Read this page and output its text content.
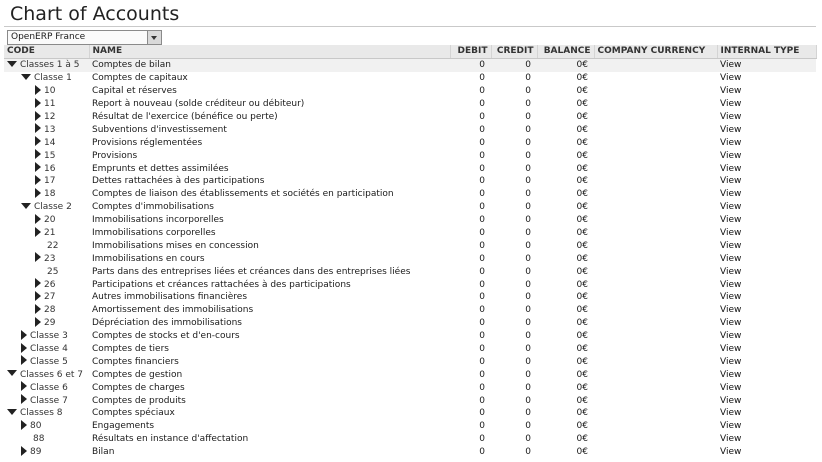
Chart of Accounts
OpenERP France
CODE	NAME	DEBIT	CREDIT	BALANCE	COMPANY CURRENCY	INTERNAL TYPE
Classes 1 à 5	Comptes de bilan	0	0	0€		View
Classe 1	Comptes de capitaux	0	0	0€		View
10	Capital et réserves	0	0	0€		View
11	Report à nouveau (solde créditeur ou débiteur)	0	0	0€		View
12	Résultat de l'exercice (bénéfice ou perte)	0	0	0€		View
13	Subventions d'investissement	0	0	0€		View
14	Provisions réglementées	0	0	0€		View
15	Provisions	0	0	0€		View
16	Emprunts et dettes assimilées	0	0	0€		View
17	Dettes rattachées à des participations	0	0	0€		View
18	Comptes de liaison des établissements et sociétés en participation	0	0	0€		View
Classe 2	Comptes d'immobilisations	0	0	0€		View
20	Immobilisations incorporelles	0	0	0€		View
21	Immobilisations corporelles	0	0	0€		View
22	Immobilisations mises en concession	0	0	0€		View
23	Immobilisations en cours	0	0	0€		View
25	Parts dans des entreprises liées et créances dans des entreprises liées	0	0	0€		View
26	Participations et créances rattachées à des participations	0	0	0€		View
27	Autres immobilisations financières	0	0	0€		View
28	Amortissement des immobilisations	0	0	0€		View
29	Dépréciation des immobilisations	0	0	0€		View
Classe 3	Comptes de stocks et d'en-cours	0	0	0€		View
Classe 4	Comptes de tiers	0	0	0€		View
Classe 5	Comptes financiers	0	0	0€		View
Classes 6 et 7	Comptes de gestion	0	0	0€		View
Classe 6	Comptes de charges	0	0	0€		View
Classe 7	Comptes de produits	0	0	0€		View
Classes 8	Comptes spéciaux	0	0	0€		View
80	Engagements	0	0	0€		View
88	Résultats en instance d'affectation	0	0	0€		View
89	Bilan	0	0	0€		View
